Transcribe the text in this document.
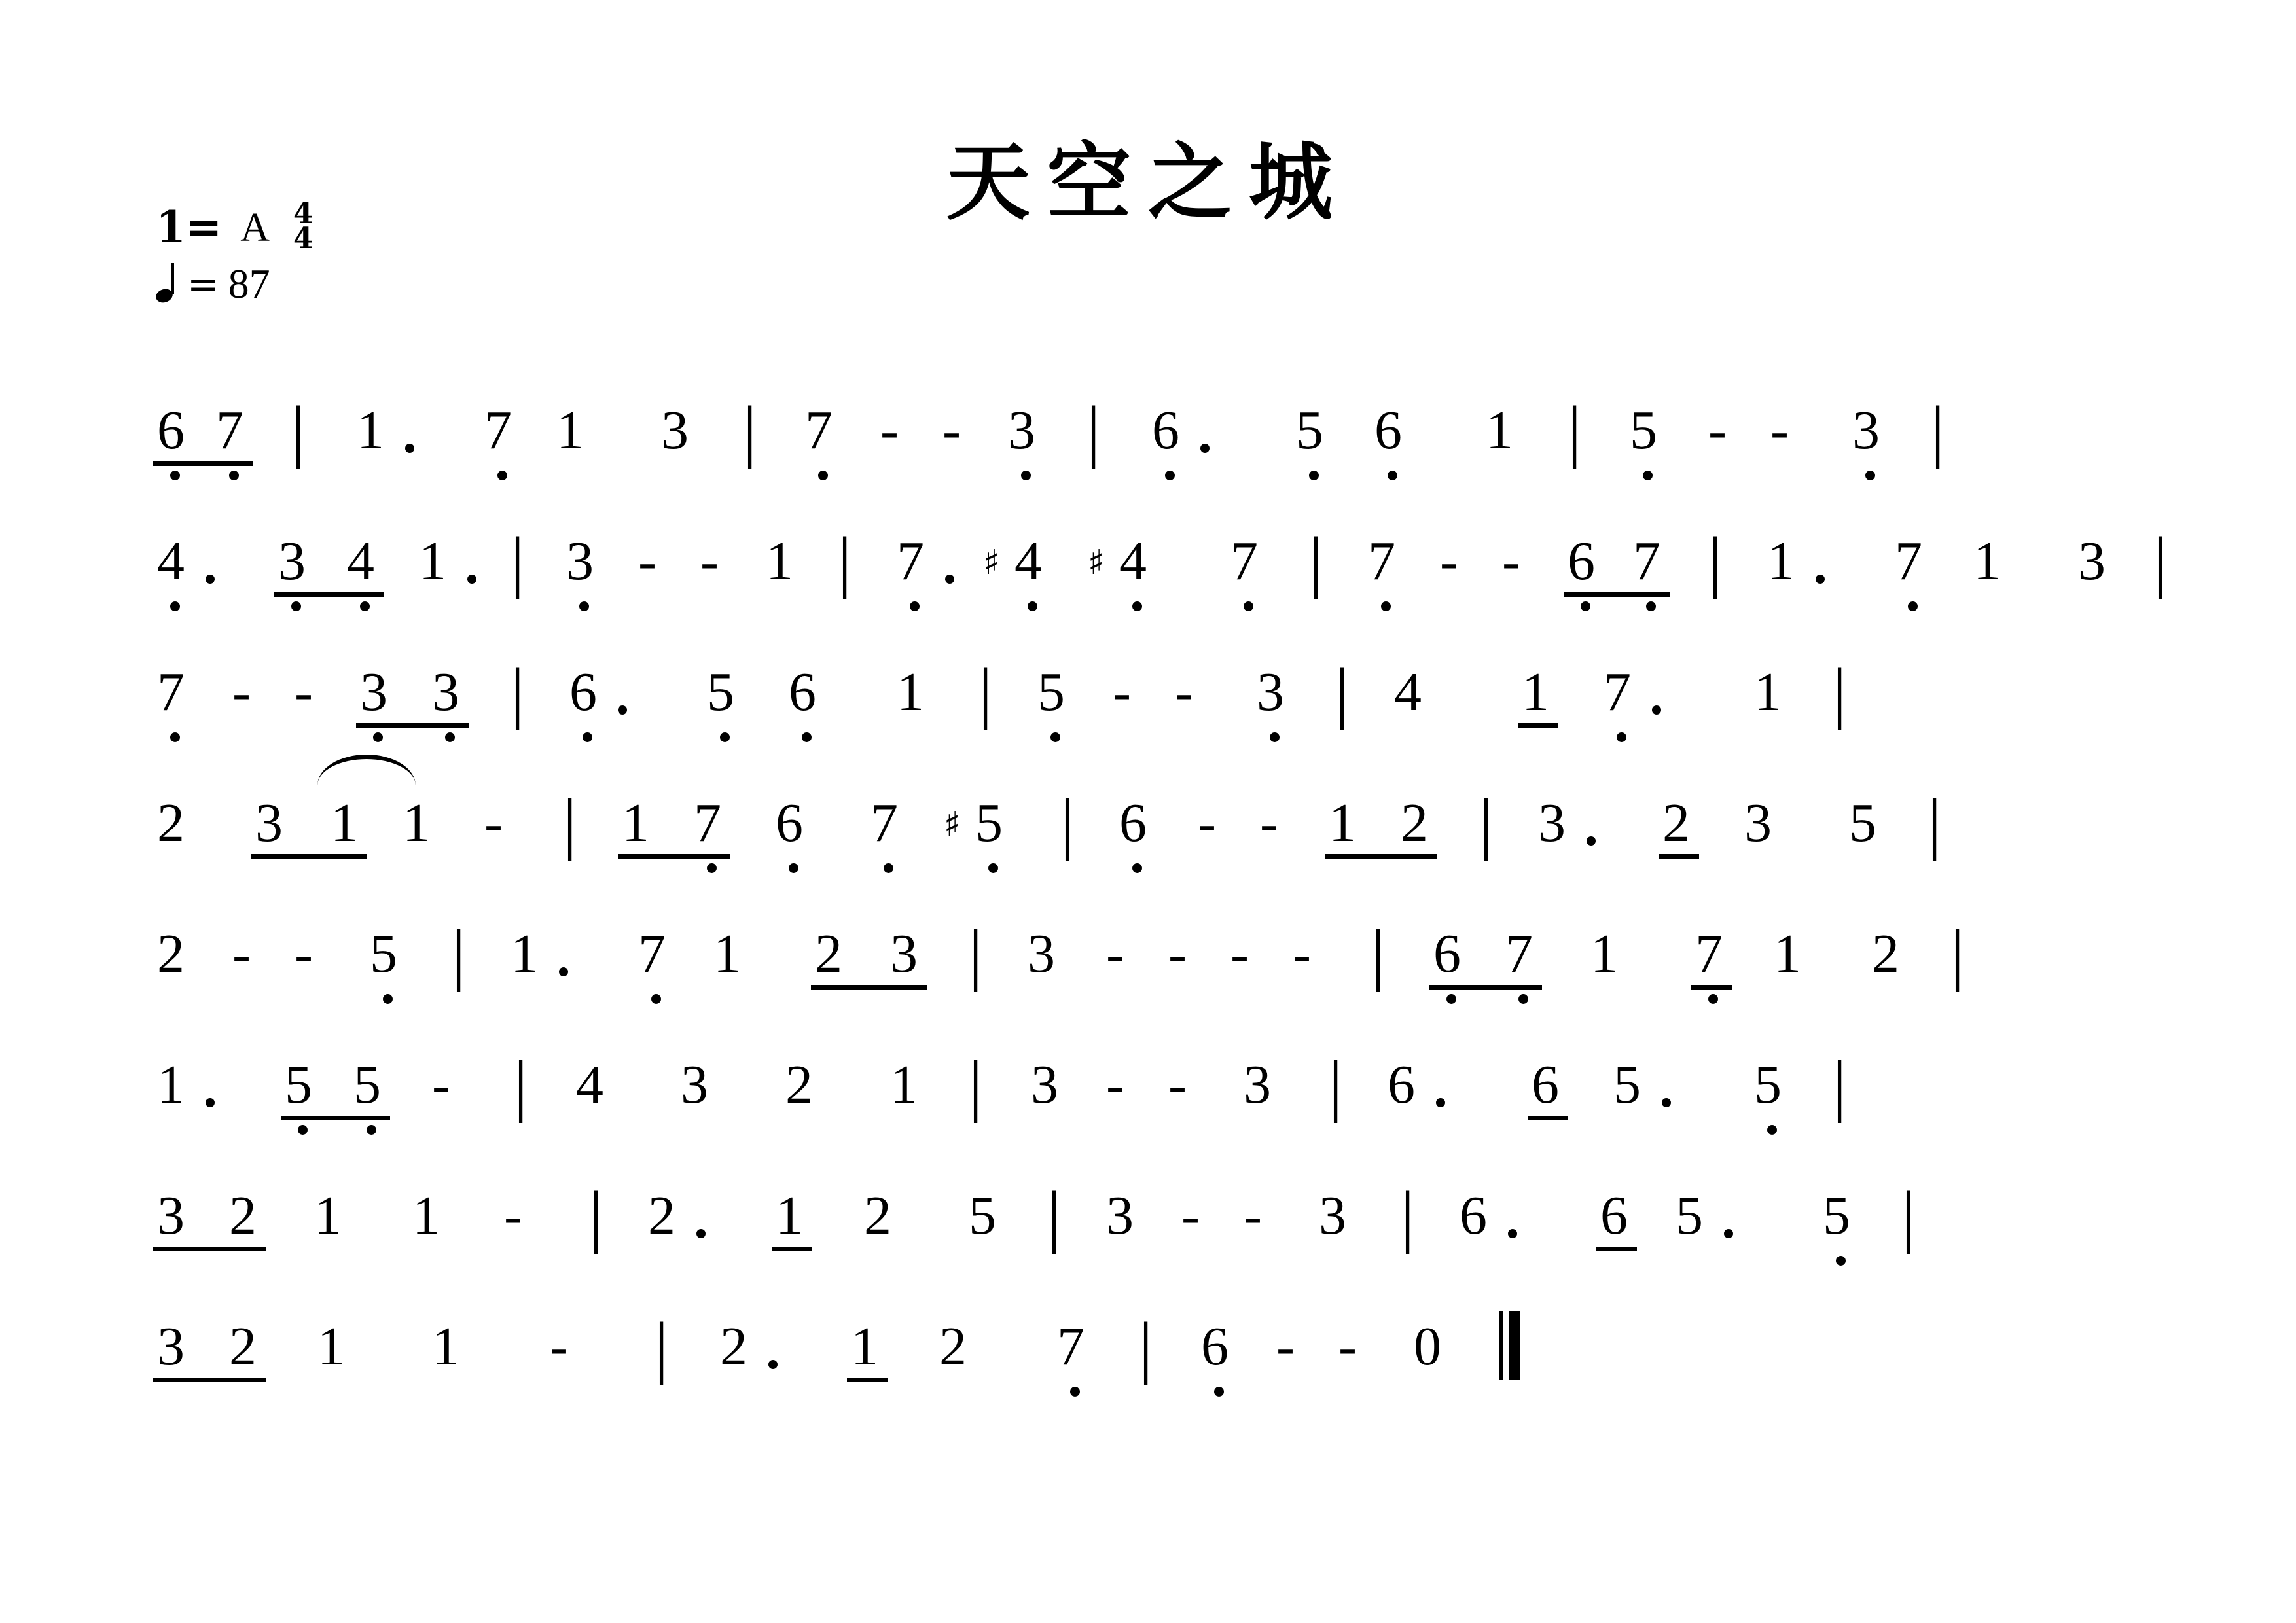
天空之城
1= A 4
4
= 87
6 7 | 1 7 1 3 | 7 - - 3 | 6 5 6 1 | 5 - - 3 |
4 3 4 1 | 3 - - 1 | 7 4
♯ 4
♯ 7 | 7 - - 6 7 | 1 7 1 3 |
7 - - 3 3 | 6 5 6 1 | 5 - - 3 | 4 1 7 1 |
2 3 1 1 - | 1 7 6 7 5
♯ | 6 - - 1 2 | 3 2 3 5 |
2 - - 5 | 1 7 1 2 3 | 3 - - - - | 6 7 1 7 1 2 |
1 5 5 - | 4 3 2 1 | 3 - - 3 | 6 6 5 5 |
3 2 1 1 - | 2 1 2 5 | 3 - - 3 | 6 6 5 5 |
3 2 1 1 - | 2 1 2 7 | 6 - - 0
